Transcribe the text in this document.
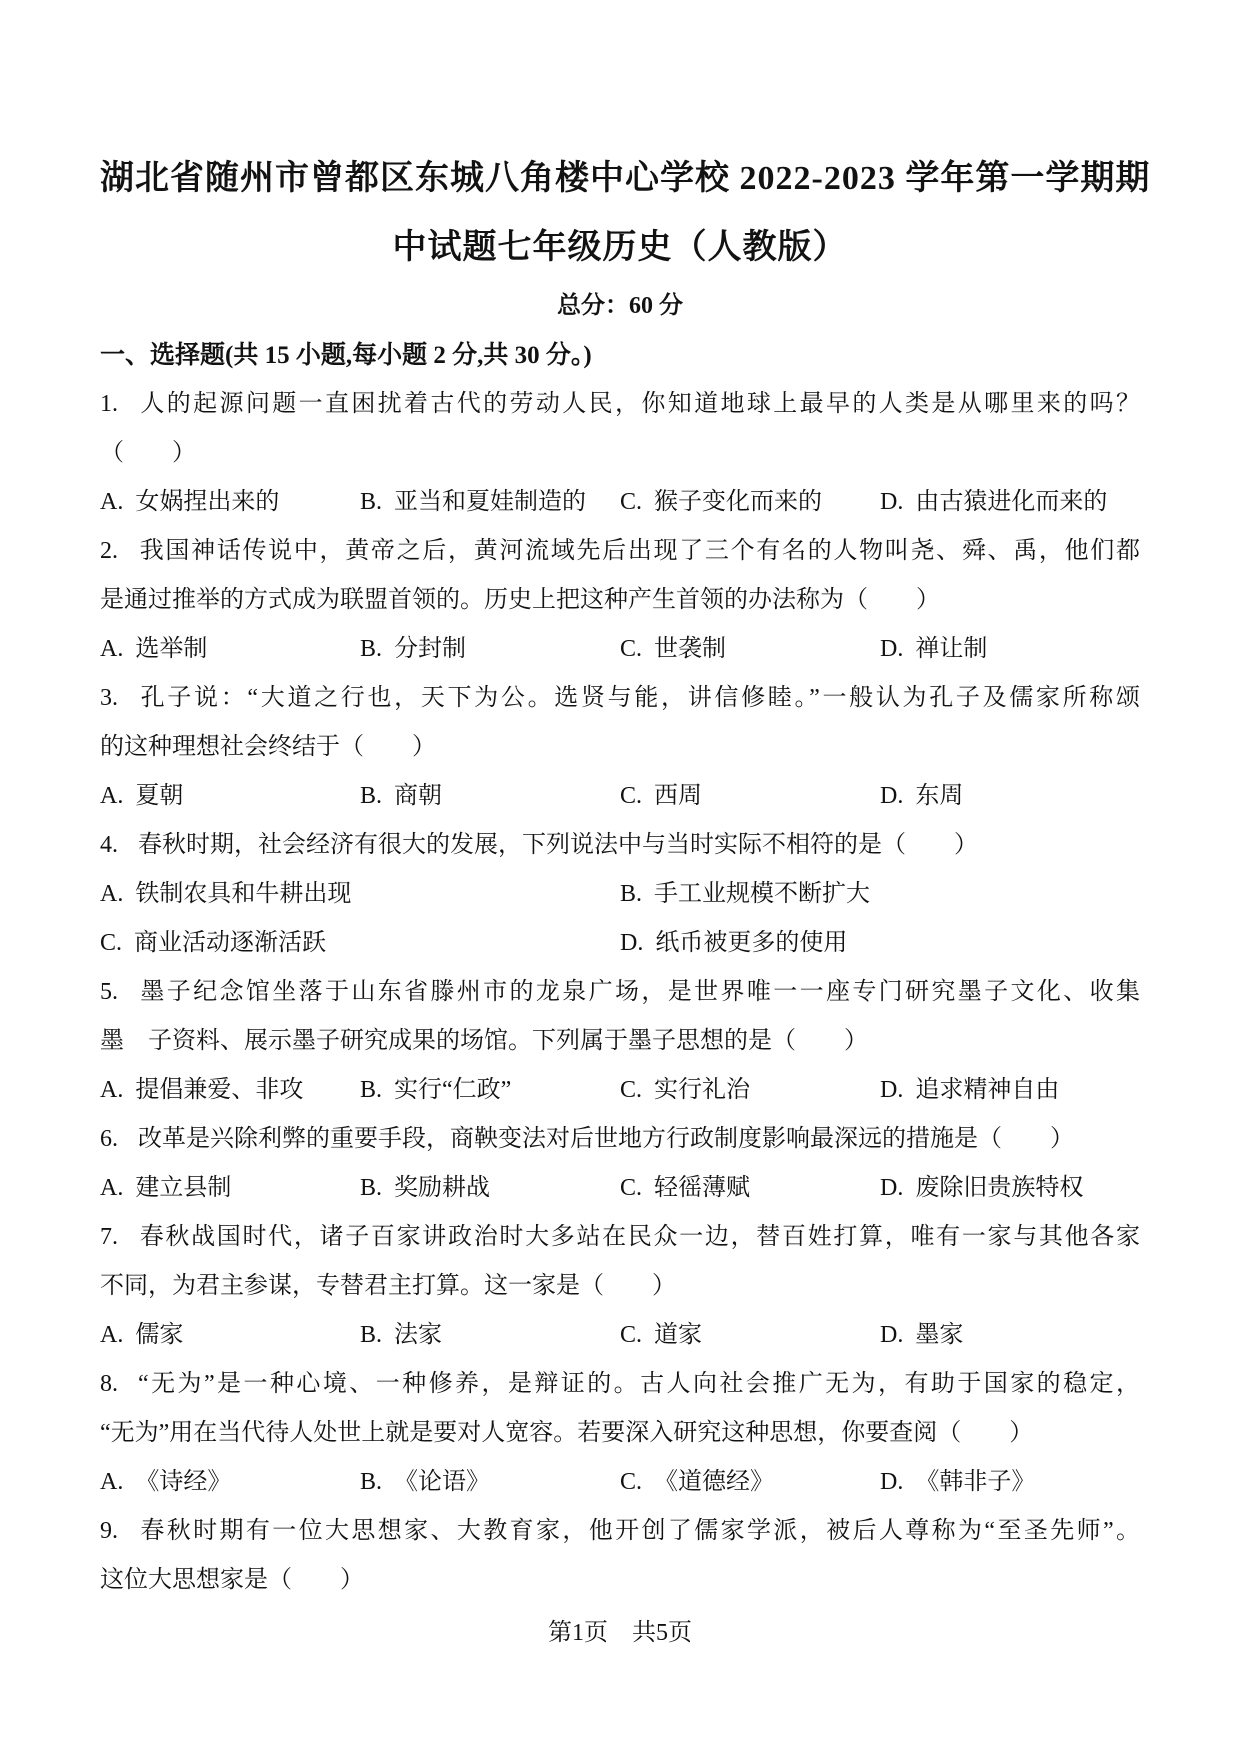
湖北省随州市曾都区东城八角楼中心学校 2022-2023 学年第一学期期
中试题七年级历史（人教版）
总分：60 分
一、选择题(共 15 小题,每小题 2 分,共 30 分。)
1. 人的起源问题一直困扰着古代的劳动人民，你知道地球上最早的人类是从哪里来的吗？
（　　）
A. 女娲捏出来的	B. 亚当和夏娃制造的	C. 猴子变化而来的	D. 由古猿进化而来的
2. 我国神话传说中，黄帝之后，黄河流域先后出现了三个有名的人物叫尧、舜、禹，他们都
是通过推举的方式成为联盟首领的。历史上把这种产生首领的办法称为（　　）
A. 选举制	B. 分封制	C. 世袭制	D. 禅让制
3. 孔子说：“大道之行也，天下为公。选贤与能，讲信修睦。”一般认为孔子及儒家所称颂
的这种理想社会终结于（　　）
A. 夏朝	B. 商朝	C. 西周	D. 东周
4. 春秋时期，社会经济有很大的发展，下列说法中与当时实际不相符的是（　　）
A. 铁制农具和牛耕出现	B. 手工业规模不断扩大
C. 商业活动逐渐活跃	D. 纸币被更多的使用
5. 墨子纪念馆坐落于山东省滕州市的龙泉广场，是世界唯一一座专门研究墨子文化、收集
墨　子资料、展示墨子研究成果的场馆。下列属于墨子思想的是（　　）
A. 提倡兼爱、非攻	B. 实行“仁政”	C. 实行礼治	D. 追求精神自由
6. 改革是兴除利弊的重要手段，商鞅变法对后世地方行政制度影响最深远的措施是（　　）
A. 建立县制	B. 奖励耕战	C. 轻徭薄赋	D. 废除旧贵族特权
7. 春秋战国时代，诸子百家讲政治时大多站在民众一边，替百姓打算，唯有一家与其他各家
不同，为君主参谋，专替君主打算。这一家是（　　）
A. 儒家	B. 法家	C. 道家	D. 墨家
8. “无为”是一种心境、一种修养，是辩证的。古人向社会推广无为，有助于国家的稳定，
“无为”用在当代待人处世上就是要对人宽容。若要深入研究这种思想，你要查阅（　　）
A. 《诗经》	B. 《论语》	C. 《道德经》	D. 《韩非子》
9. 春秋时期有一位大思想家、大教育家，他开创了儒家学派，被后人尊称为“至圣先师”。
这位大思想家是（　　）
第1页　共5页
